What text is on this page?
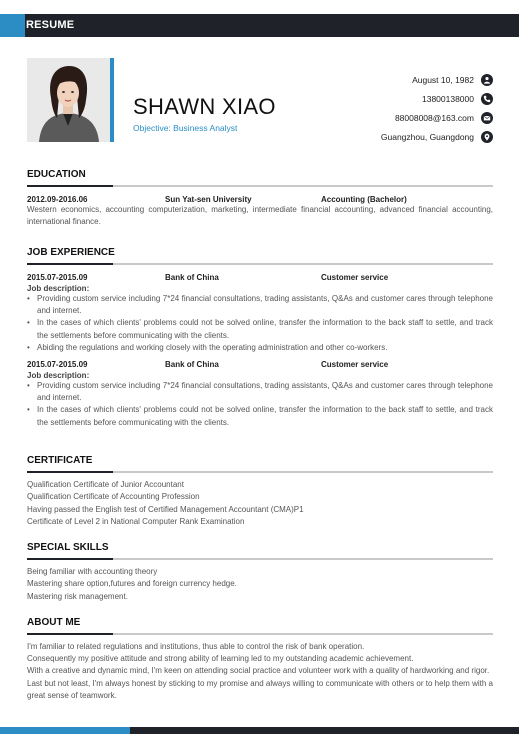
RESUME
SHAWN XIAO
Objective: Business Analyst
August 10, 1982
13800138000
88008008@163.com
Guangzhou, Guangdong
EDUCATION
2012.09-2016.06	Sun Yat-sen University	Accounting (Bachelor)
Western economics, accounting computerization, marketing, intermediate financial accounting, advanced financial accounting, international finance.
JOB EXPERIENCE
2015.07-2015.09	Bank of China	Customer service
Job description:
• Providing custom service including 7*24 financial consultations, trading assistants, Q&As and customer cares through telephone and internet.
• In the cases of which clients' problems could not be solved online, transfer the information to the back staff to settle, and track the settlements before communicating with the clients.
• Abiding the regulations and working closely with the operating administration and other co-workers.
2015.07-2015.09	Bank of China	Customer service
Job description:
• Providing custom service including 7*24 financial consultations, trading assistants, Q&As and customer cares through telephone and internet.
• In the cases of which clients' problems could not be solved online, transfer the information to the back staff to settle, and track the settlements before communicating with the clients.
CERTIFICATE
Qualification Certificate of Junior Accountant
Qualification Certificate of Accounting Profession
Having passed the English test of Certified Management Accountant (CMA)P1
Certificate of Level 2 in National Computer Rank Examination
SPECIAL SKILLS
Being familiar with accounting theory
Mastering share option,futures and foreign currency hedge.
Mastering risk management.
ABOUT ME
I'm familiar to related regulations and institutions, thus able to control the risk of bank operation.
Consequently my positive attitude and strong ability of learning led to my outstanding academic achievement.
With a creative and dynamic mind, I'm keen on attending social practice and volunteer work with a quality of hardworking and rigor.
Last but not least, I'm always honest by sticking to my promise and always willing to communicate with others or to help them with a great sense of teamwork.
